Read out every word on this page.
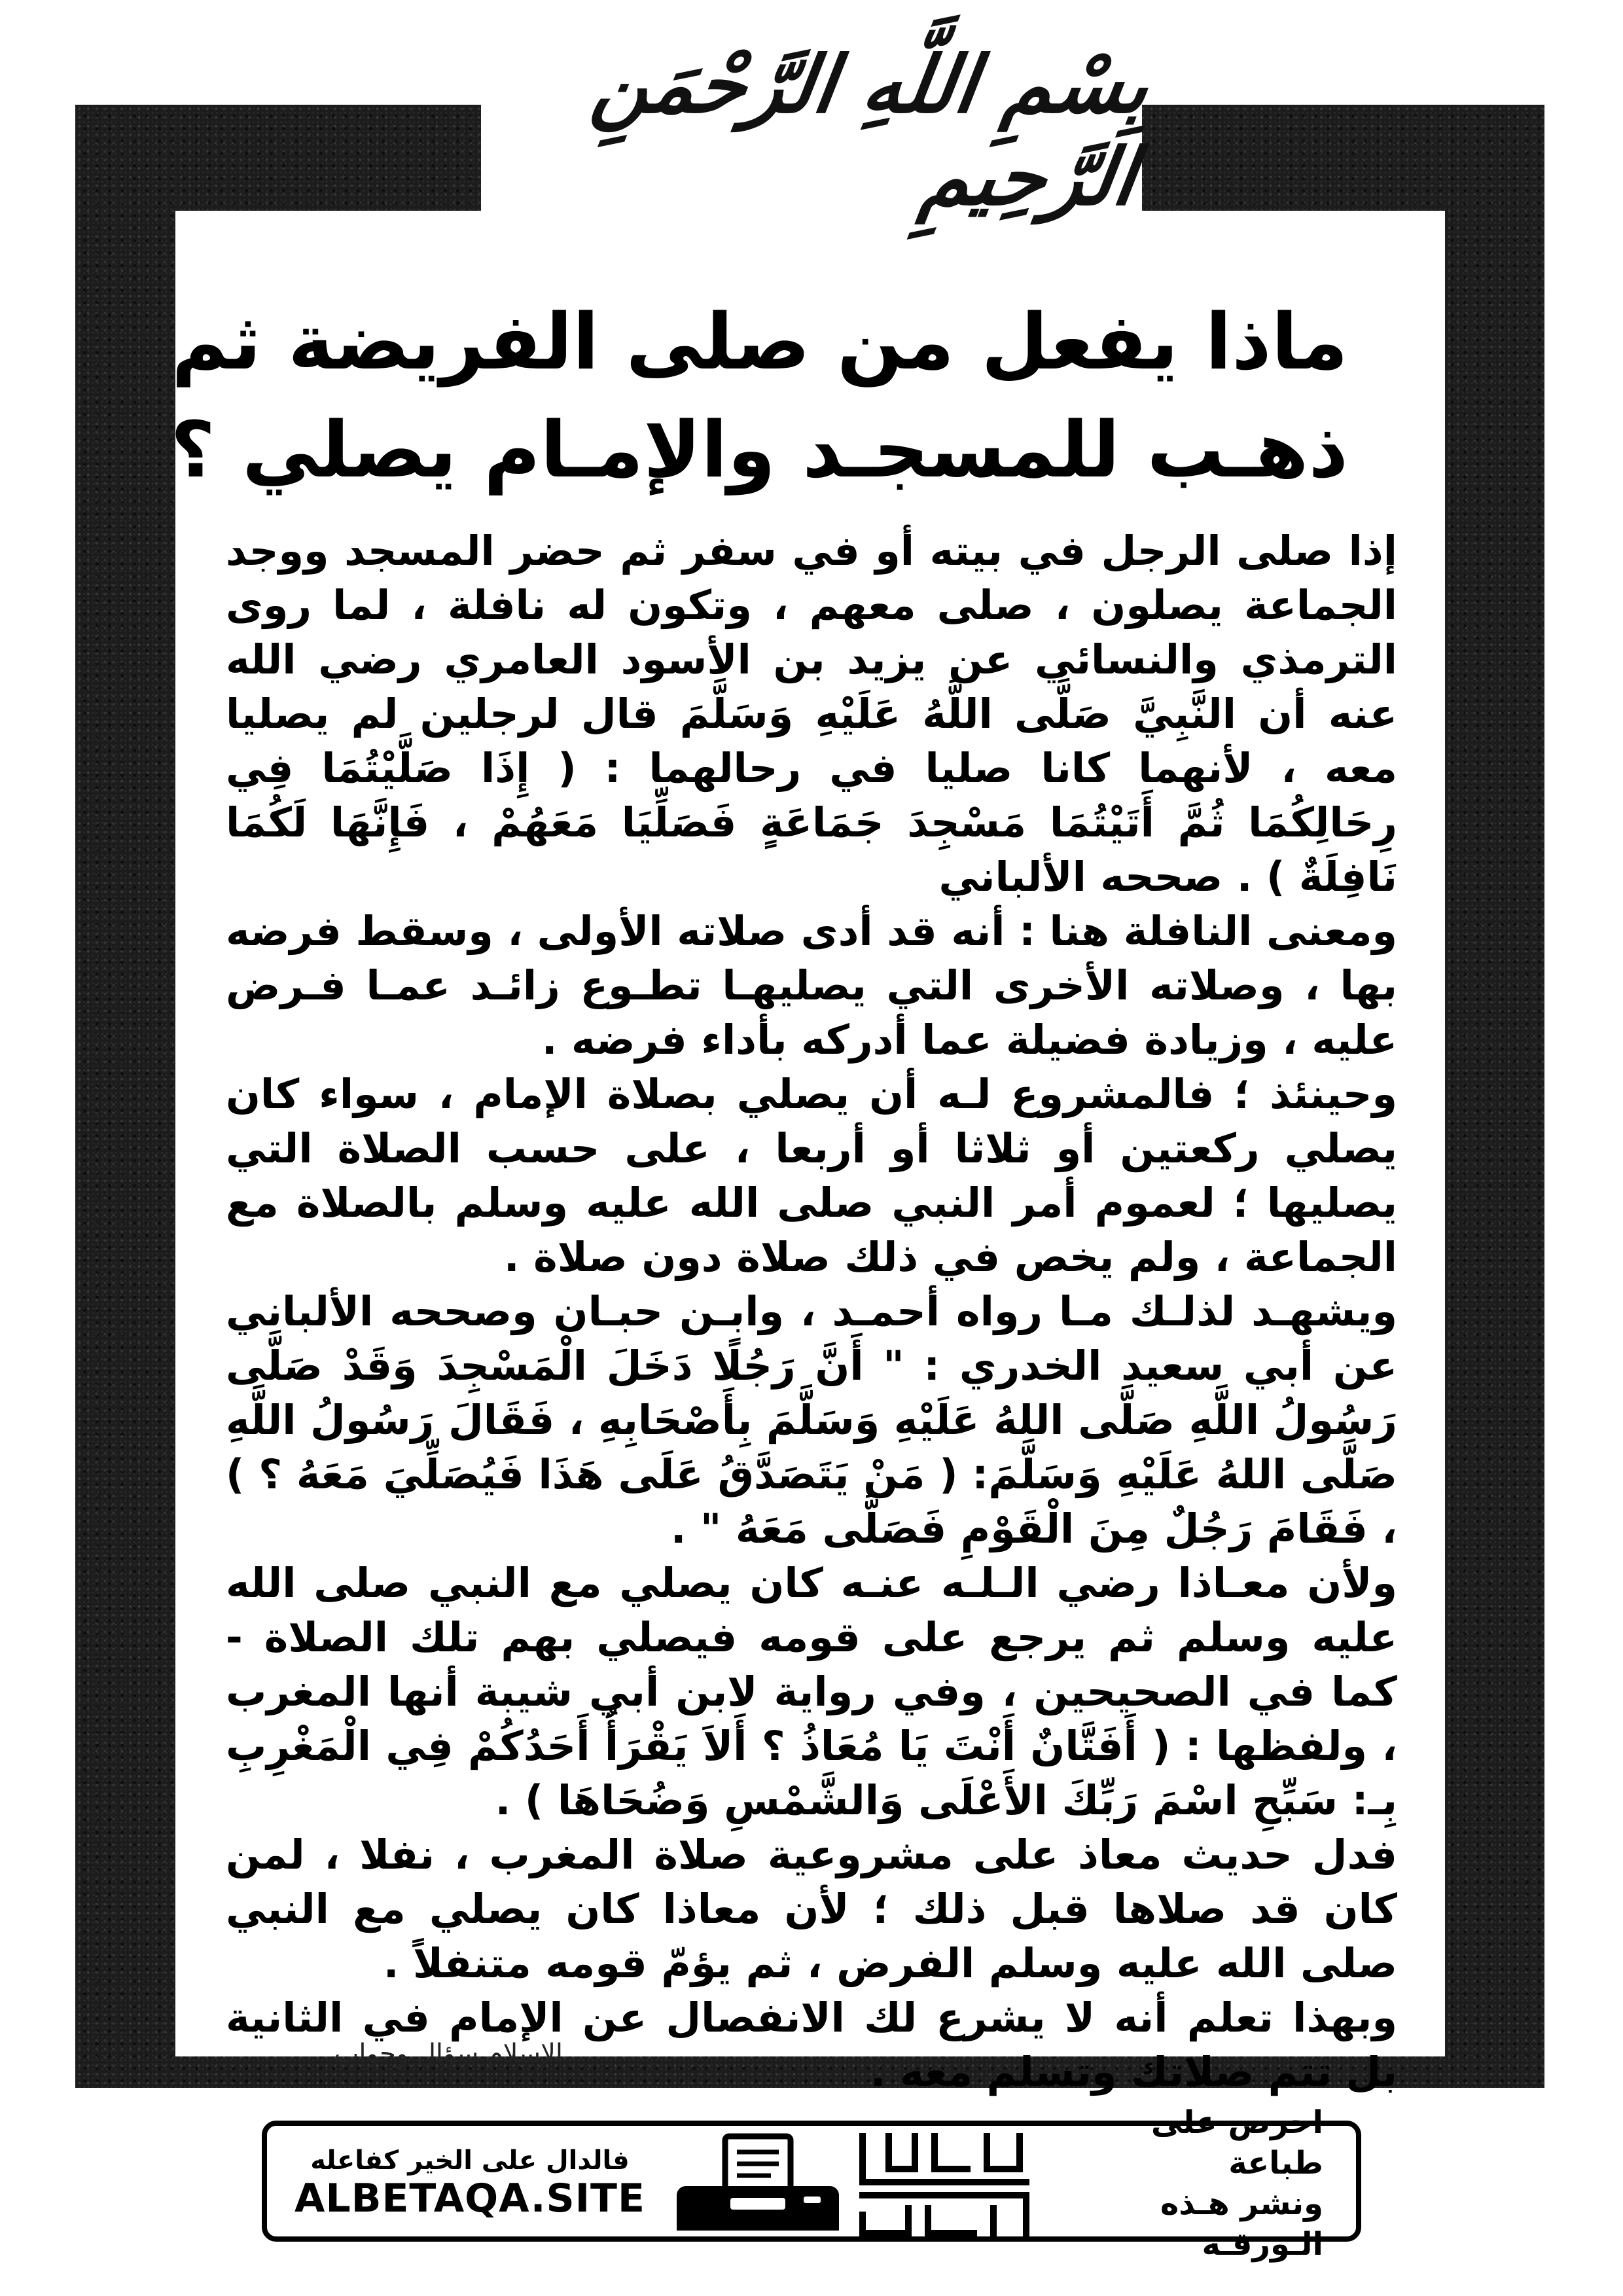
بِسْمِ اللَّهِ الرَّحْمَنِ الرَّحِيمِ
ماذا يفعل من صلى الفريضة ثم
ذهـب للمسجـد والإمـام يصلي ؟

إذا صلى الرجل في بيته أو في سفر ثم حضر المسجد ووجد الجماعة يصلون ، صلى معهم ، وتكون له نافلة ، لما روى الترمذي والنسائي عن يزيد بن الأسود العامري رضي الله عنه أن النَّبِيَّ صَلَّى اللَّهُ عَلَيْهِ وَسَلَّمَ قال لرجلين لم يصليا معه ، لأنهما كانا صليا في رحالهما : ( إِذَا صَلَّيْتُمَا فِي رِحَالِكُمَا ثُمَّ أَتَيْتُمَا مَسْجِدَ جَمَاعَةٍ فَصَلِّيَا مَعَهُمْ ، فَإِنَّهَا لَكُمَا نَافِلَةٌ ) . صححه الألباني

ومعنى النافلة هنا : أنه قد أدى صلاته الأولى ، وسقط فرضه بها ، وصلاته الأخرى التي يصليهـا تطـوع زائـد عمـا فـرض عليه ، وزيادة فضيلة عما أدركه بأداء فرضه .

وحينئذ ؛ فالمشروع لـه أن يصلي بصلاة الإمام ، سواء كان يصلي ركعتين أو ثلاثا أو أربعا ، على حسب الصلاة التي يصليها ؛ لعموم أمر النبي صلى الله عليه وسلم بالصلاة مع الجماعة ، ولم يخص في ذلك صلاة دون صلاة .

ويشهـد لذلـك مـا رواه أحمـد ، وابـن حبـان وصححه الألباني عن أبي سعيد الخدري : " أَنَّ رَجُلًا دَخَلَ الْمَسْجِدَ وَقَدْ صَلَّى رَسُولُ اللَّهِ صَلَّى اللهُ عَلَيْهِ وَسَلَّمَ بِأَصْحَابِهِ ، فَقَالَ رَسُولُ اللَّهِ صَلَّى اللهُ عَلَيْهِ وَسَلَّمَ: ( مَنْ يَتَصَدَّقُ عَلَى هَذَا فَيُصَلِّيَ مَعَهُ ؟ ) ، فَقَامَ رَجُلٌ مِنَ الْقَوْمِ فَصَلَّى مَعَهُ " .

ولأن معـاذا رضي الـلـه عنـه كان يصلي مع النبي صلى الله عليه وسلم ثم يرجع على قومه فيصلي بهم تلك الصلاة - كما في الصحيحين ، وفي رواية لابن أبي شيبة أنها المغرب ، ولفظها : ( أَفَتَّانٌ أَنْتَ يَا مُعَاذُ ؟ أَلاَ يَقْرَأُ أَحَدُكُمْ فِي الْمَغْرِبِ بِـ: سَبِّحِ اسْمَ رَبِّكَ الأَعْلَى وَالشَّمْسِ وَضُحَاهَا ) .

فدل حديث معاذ على مشروعية صلاة المغرب ، نفلا ، لمن كان قد صلاها قبل ذلك ؛ لأن معاذا كان يصلي مع النبي صلى الله عليه وسلم الفرض ، ثم يؤمّ قومه متنفلاً .

وبهذا تعلم أنه لا يشرع لك الانفصال عن الإمام في الثانية بل تتم صلاتك وتسلم معه .

الإسلام سؤال وجواب
فالدال على الخير كفاعله
ALBETAQA.SITE	دعوتنا الورقة
احرص على طباعة
ونشر هـذه الـورقـة
